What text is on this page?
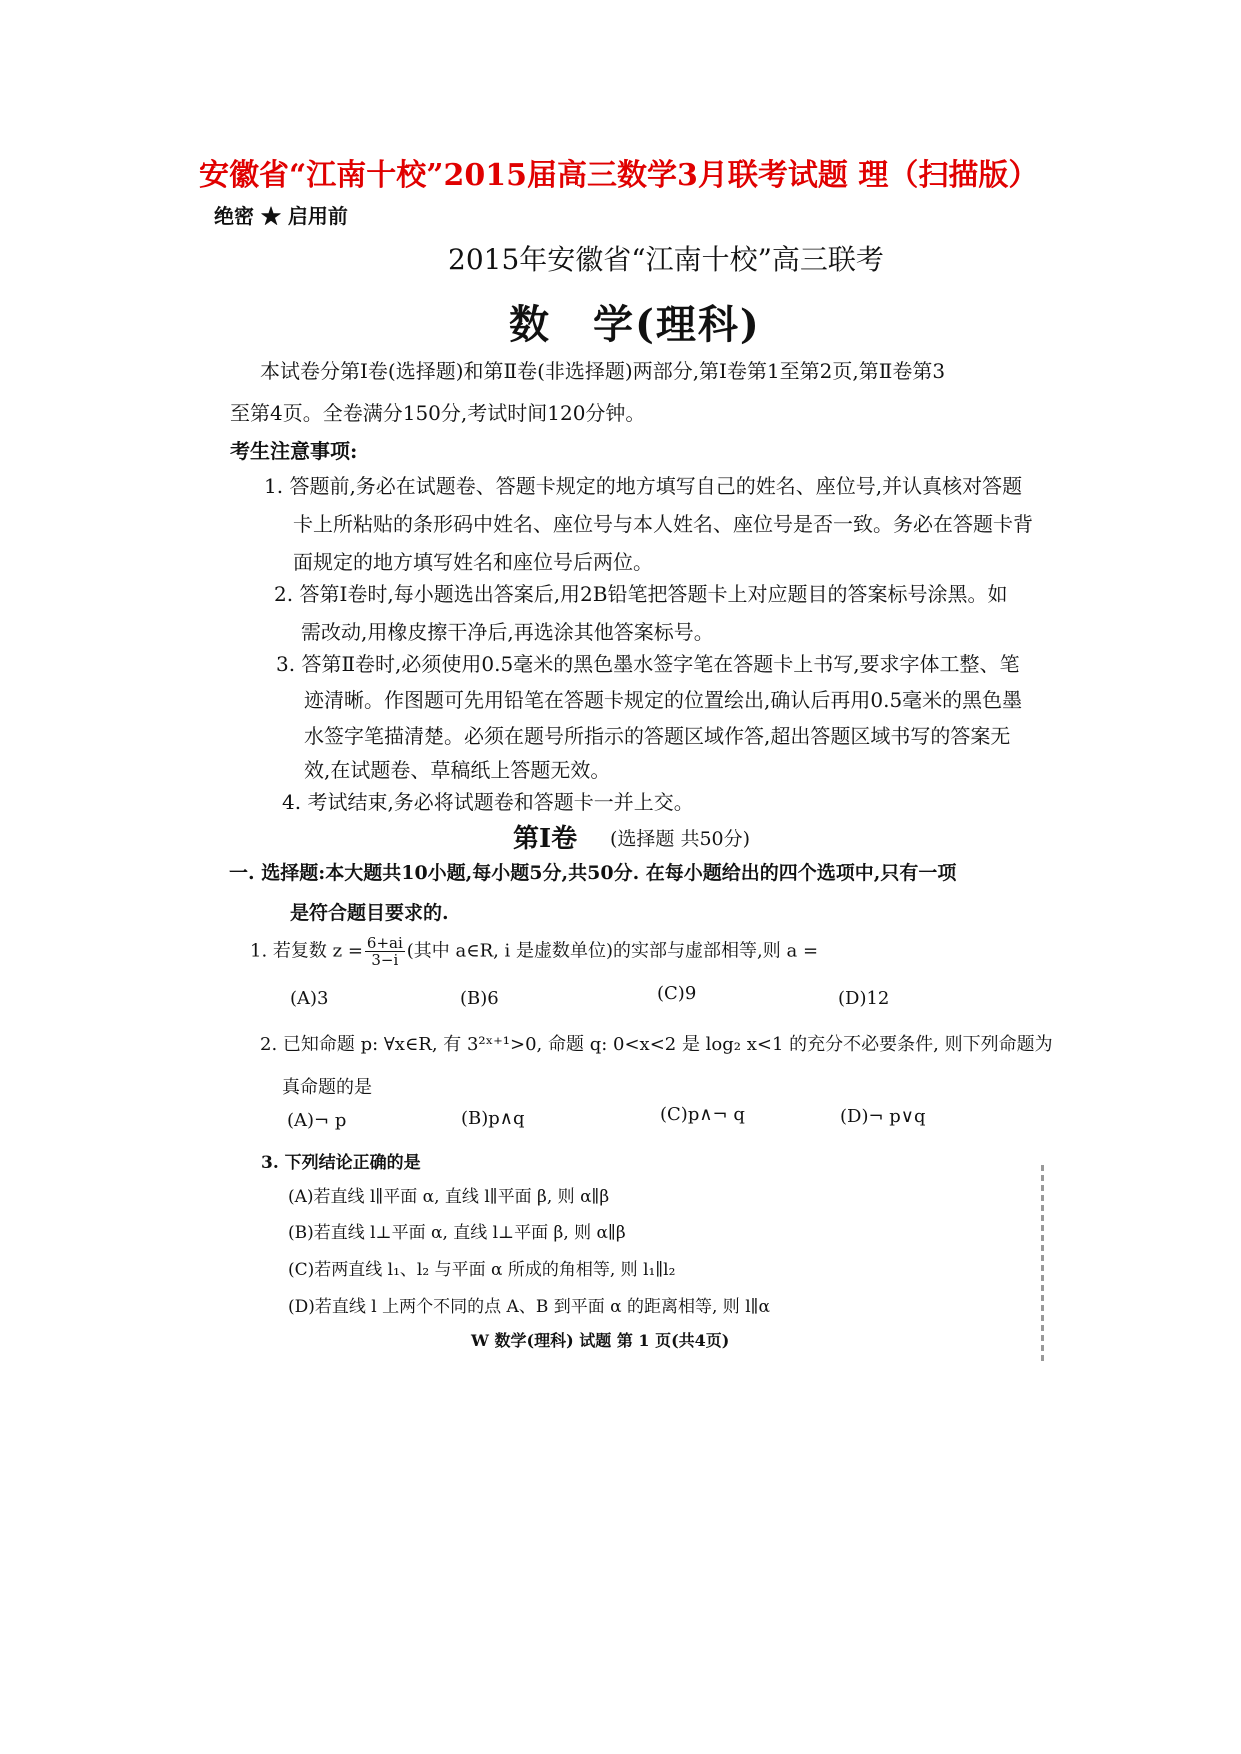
安徽省“江南十校”2015届高三数学3月联考试题 理（扫描版）
绝密 ★ 启用前
2015年安徽省“江南十校”高三联考
数　学(理科)
本试卷分第Ⅰ卷(选择题)和第Ⅱ卷(非选择题)两部分,第Ⅰ卷第1至第2页,第Ⅱ卷第3
至第4页。全卷满分150分,考试时间120分钟。
考生注意事项:
1. 答题前,务必在试题卷、答题卡规定的地方填写自己的姓名、座位号,并认真核对答题
卡上所粘贴的条形码中姓名、座位号与本人姓名、座位号是否一致。务必在答题卡背
面规定的地方填写姓名和座位号后两位。
2. 答第Ⅰ卷时,每小题选出答案后,用2B铅笔把答题卡上对应题目的答案标号涂黑。如
需改动,用橡皮擦干净后,再选涂其他答案标号。
3. 答第Ⅱ卷时,必须使用0.5毫米的黑色墨水签字笔在答题卡上书写,要求字体工整、笔
迹清晰。作图题可先用铅笔在答题卡规定的位置绘出,确认后再用0.5毫米的黑色墨
水签字笔描清楚。必须在题号所指示的答题区域作答,超出答题区域书写的答案无
效,在试题卷、草稿纸上答题无效。
4. 考试结束,务必将试题卷和答题卡一并上交。
第Ⅰ卷 (选择题 共50分)
一. 选择题:本大题共10小题,每小题5分,共50分. 在每小题给出的四个选项中,只有一项
是符合题目要求的.
1. 若复数 $z = \frac{6+ai}{3-i}$ (其中 a∈R, i 是虚数单位)的实部与虚部相等,则 a =
(A)3	(B)6	(C)9	(D)12
2. 已知命题 p: ∀x∈R, 有 3²ˣ⁺¹>0, 命题 q: 0<x<2 是 log₂ x<1 的充分不必要条件, 则下列命题为
真命题的是
(A)¬ p	(B)p∧q	(C)p∧¬ q	(D)¬ p∨q
3. 下列结论正确的是
(A)若直线 l∥平面 α, 直线 l∥平面 β, 则 α∥β
(B)若直线 l⊥平面 α, 直线 l⊥平面 β, 则 α∥β
(C)若两直线 l₁、l₂ 与平面 α 所成的角相等, 则 l₁∥l₂
(D)若直线 l 上两个不同的点 A、B 到平面 α 的距离相等, 则 l∥α
W 数学(理科) 试题 第 1 页(共4页)
